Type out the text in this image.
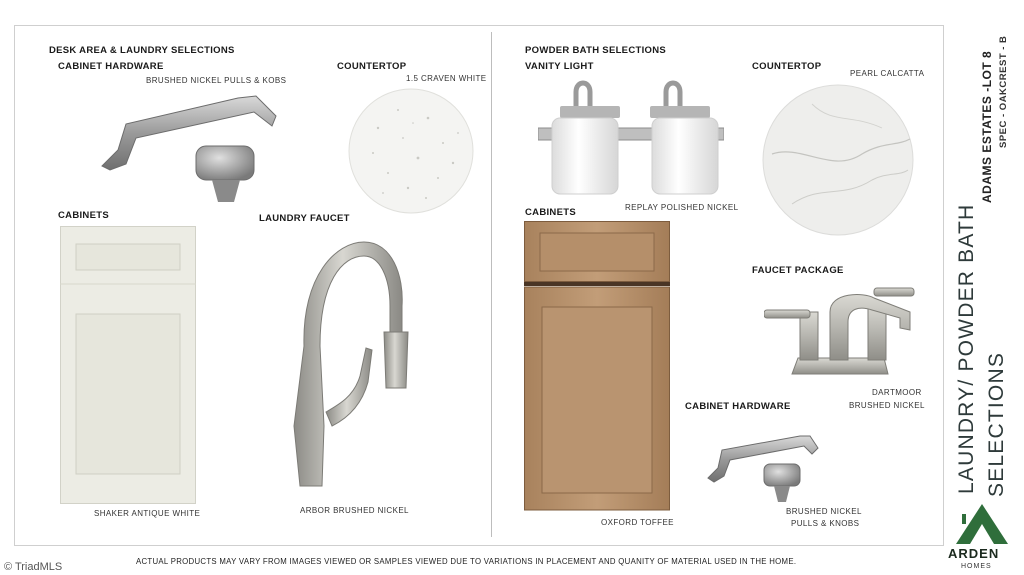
DESK AREA & LAUNDRY SELECTIONS
CABINET HARDWARE
BRUSHED NICKEL PULLS & KOBS
COUNTERTOP
1.5 CRAVEN WHITE
CABINETS
SHAKER ANTIQUE WHITE
LAUNDRY FAUCET
ARBOR BRUSHED NICKEL
POWDER BATH SELECTIONS
VANITY LIGHT
REPLAY POLISHED NICKEL
COUNTERTOP
PEARL CALCATTA
CABINETS
OXFORD TOFFEE
FAUCET PACKAGE
DARTMOOR
BRUSHED NICKEL
CABINET HARDWARE
BRUSHED NICKEL
PULLS & KNOBS
ADAMS ESTATES -LOT 8 SPEC - OAKCREST - B
LAUNDRY/ POWDER BATH SELECTIONS
ARDEN
HOMES
ACTUAL PRODUCTS MAY VARY FROM IMAGES VIEWED OR SAMPLES VIEWED DUE TO VARIATIONS IN PLACEMENT AND QUANITY OF MATERIAL USED IN THE HOME.
© TriadMLS
